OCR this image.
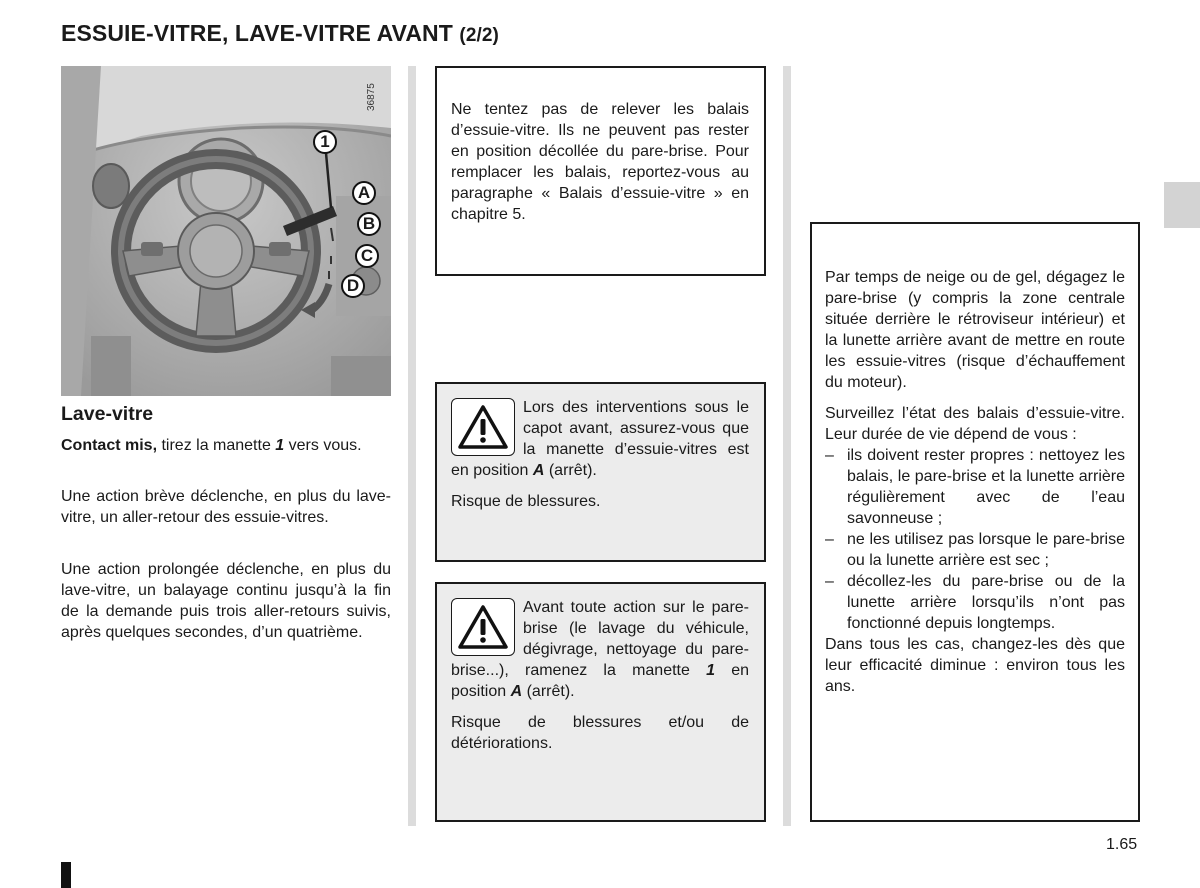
ESSUIE-VITRE, LAVE-VITRE AVANT (2/2)
1
A
B
C
D
36875
Lave-vitre
Contact mis, tirez la manette 1 vers vous.
Une action brève déclenche, en plus du lave-vitre, un aller-retour des essuie-vitres.
Une action prolongée déclenche, en plus du lave-vitre, un balayage continu jusqu’à la fin de la demande puis trois aller-retours suivis, après quelques secondes, d’un quatrième.
Ne tentez pas de relever les balais d’essuie-vitre. Ils ne peuvent pas rester en position décollée du pare-brise. Pour remplacer les balais, reportez-vous au paragraphe « Balais d’essuie-vitre » en chapitre 5.

Lors des interventions sous le capot avant, assurez-vous que la manette d’essuie-vitres est en position A (arrêt).

Risque de blessures.

Avant toute action sur le pare-brise (le lavage du véhicule, dégivrage, nettoyage du pare-brise...), ramenez la manette 1 en position A (arrêt).

Risque de blessures et/ou de détériorations.

Par temps de neige ou de gel, dégagez le pare-brise (y compris la zone centrale située derrière le rétroviseur intérieur) et la lunette arrière avant de mettre en route les essuie-vitres (risque d’échauffement du moteur).

Surveillez l’état des balais d’essuie-vitre. Leur durée de vie dépend de vous :

– ils doivent rester propres : nettoyez les balais, le pare-brise et la lunette arrière régulièrement avec de l’eau savonneuse ;
– ne les utilisez pas lorsque le pare-brise ou la lunette arrière est sec ;
– décollez-les du pare-brise ou de la lunette arrière lorsqu’ils n’ont pas fonctionné depuis longtemps.

Dans tous les cas, changez-les dès que leur efficacité diminue : environ tous les ans.

1.65
